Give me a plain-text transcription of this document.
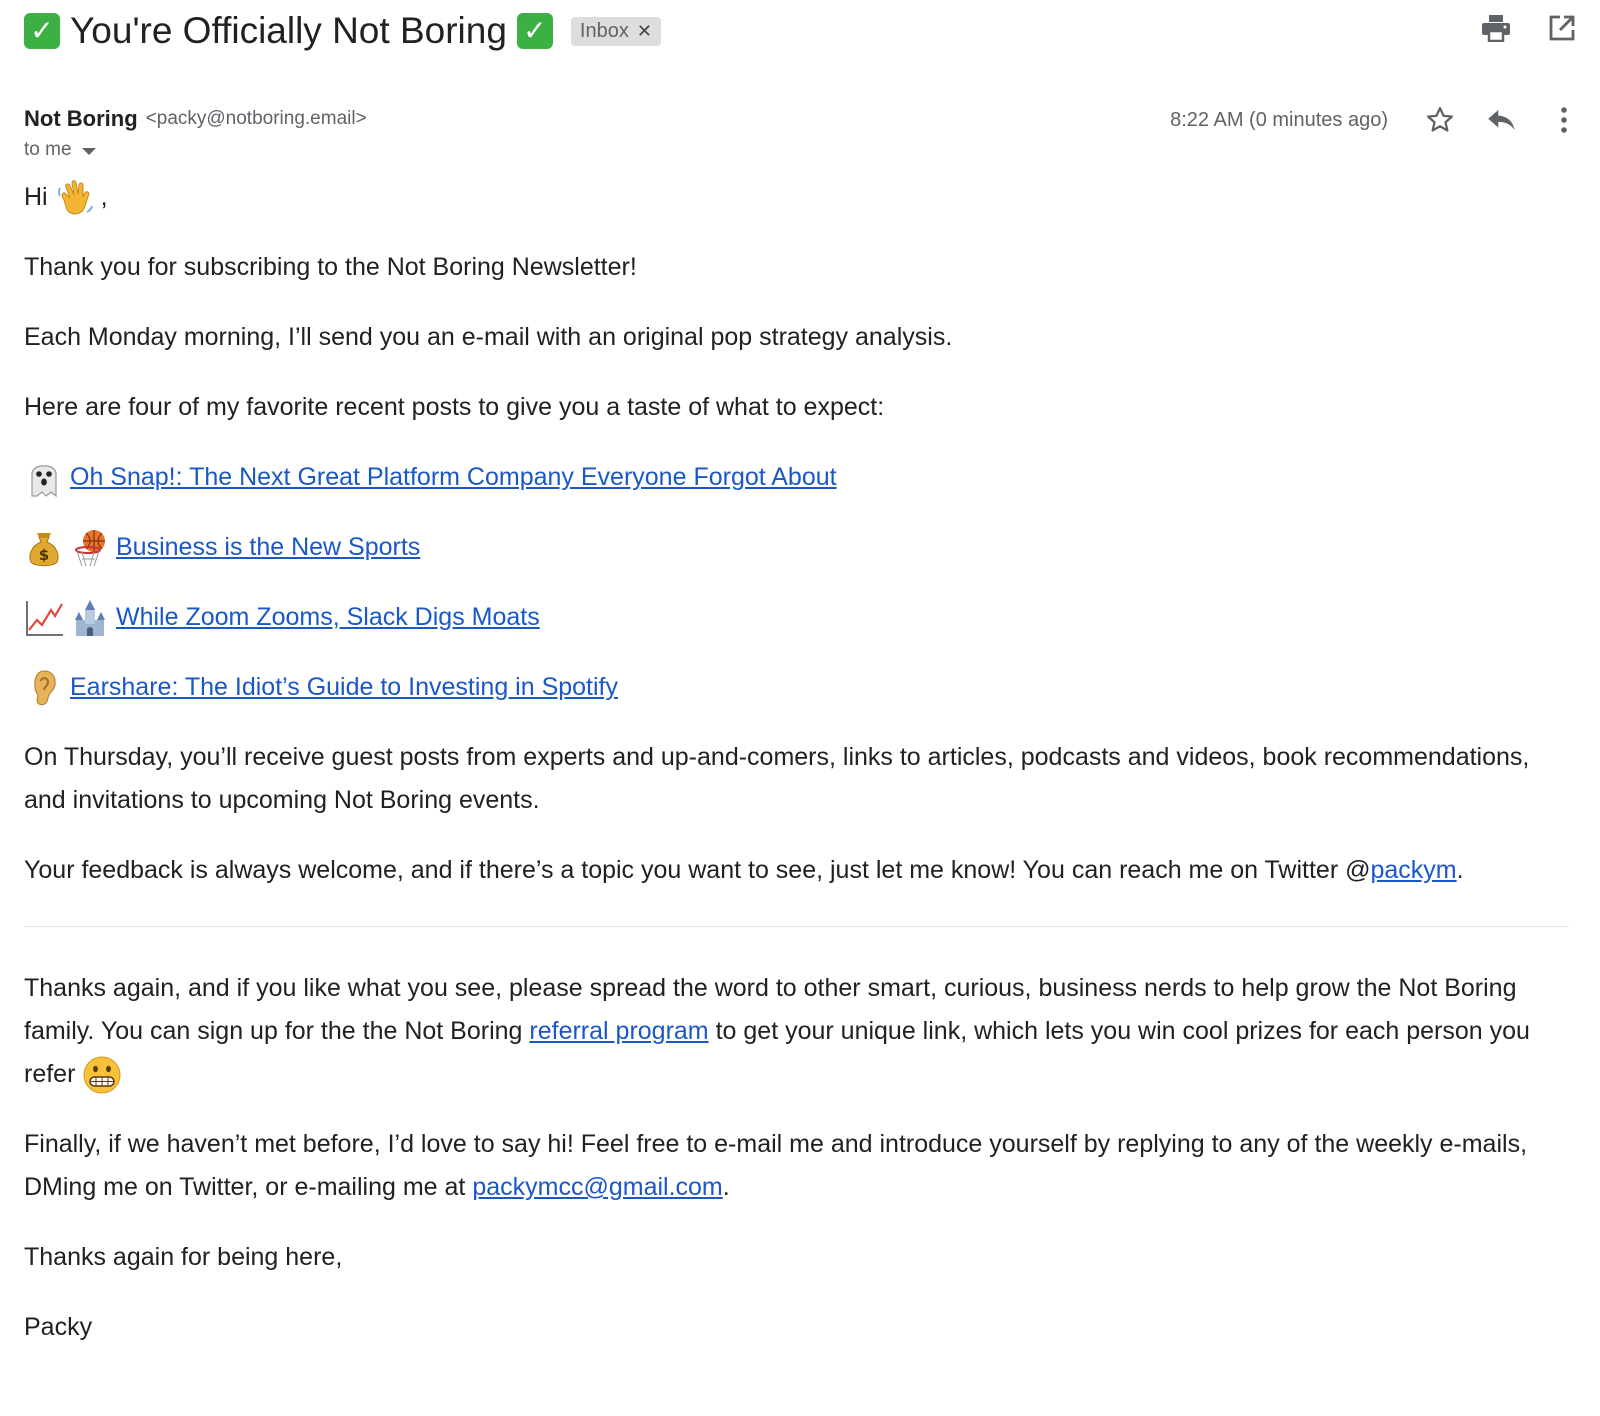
✓ You're Officially Not Boring ✓	Inbox ✕
Not Boring <packy@notboring.email>	8:22 AM (0 minutes ago)
to me

Hi ,

Thank you for subscribing to the Not Boring Newsletter!

Each Monday morning, I’ll send you an e-mail with an original pop strategy analysis.

Here are four of my favorite recent posts to give you a taste of what to expect:

Oh Snap!: The Next Great Platform Company Everyone Forgot About
$	Business is the New Sports
While Zoom Zooms, Slack Digs Moats
Earshare: The Idiot’s Guide to Investing in Spotify

On Thursday, you’ll receive guest posts from experts and up-and-comers, links to articles, podcasts and videos, book recommendations, and invitations to upcoming Not Boring events.

Your feedback is always welcome, and if there’s a topic you want to see, just let me know! You can reach me on Twitter @packym.

Thanks again, and if you like what you see, please spread the word to other smart, curious, business nerds to help grow the Not Boring family. You can sign up for the the Not Boring referral program to get your unique link, which lets you win cool prizes for each person you refer

Finally, if we haven’t met before, I’d love to say hi! Feel free to e-mail me and introduce yourself by replying to any of the weekly e-mails, DMing me on Twitter, or e-mailing me at packymcc@gmail.com.

Thanks again for being here,

Packy
